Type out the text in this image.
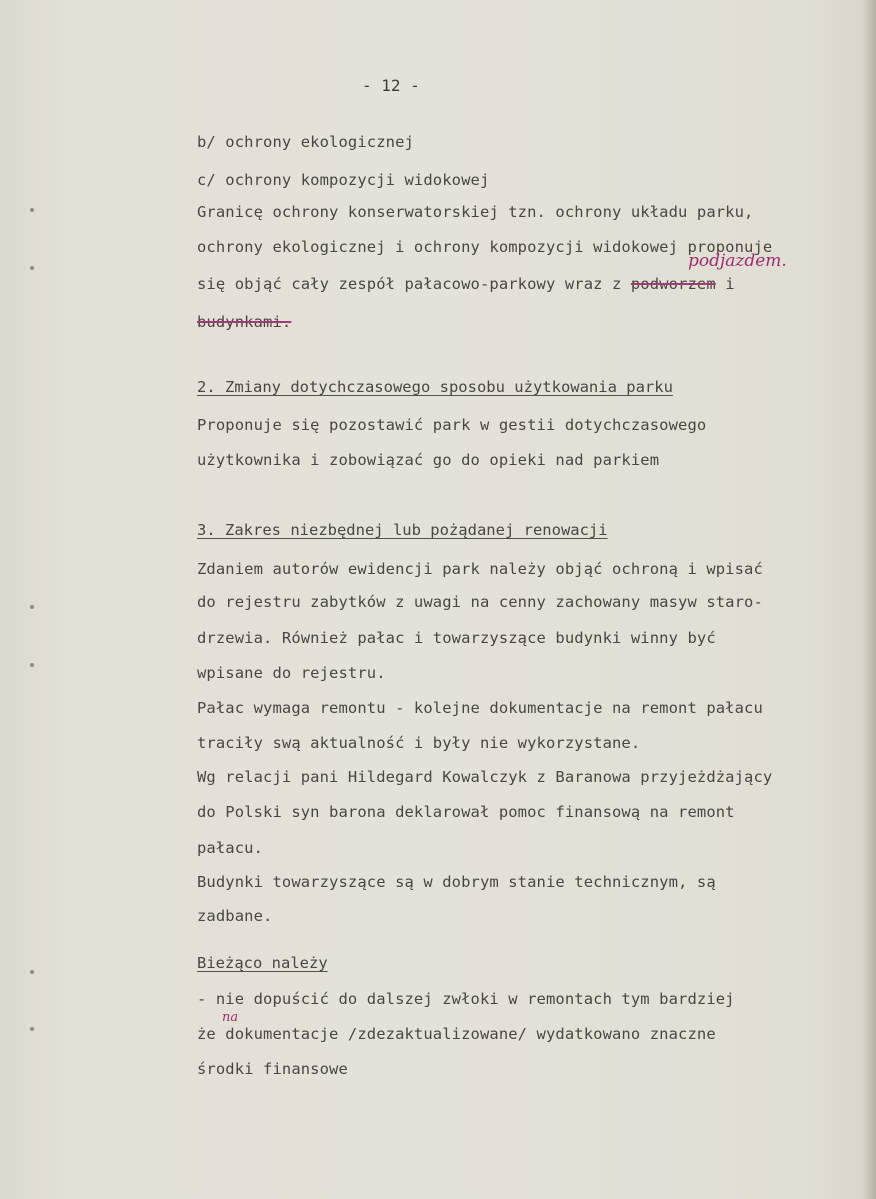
- 12 -
b/ ochrony ekologicznej
c/ ochrony kompozycji widokowej
Granicę ochrony konserwatorskiej tzn. ochrony układu parku,
ochrony ekologicznej i ochrony kompozycji widokowej proponuje
się objąć cały zespół pałacowo-parkowy wraz z podworzem i
podjazdem.
budynkami.
2. Zmiany dotychczasowego sposobu użytkowania parku
Proponuje się pozostawić park w gestii dotychczasowego
użytkownika i zobowiązać go do opieki nad parkiem
3. Zakres niezbędnej lub pożądanej renowacji
Zdaniem autorów ewidencji park należy objąć ochroną i wpisać
do rejestru zabytków z uwagi na cenny zachowany masyw staro-
drzewia. Również pałac i towarzyszące budynki winny być
wpisane do rejestru.
Pałac wymaga remontu - kolejne dokumentacje na remont pałacu
traciły swą aktualność i były nie wykorzystane.
Wg relacji pani Hildegard Kowalczyk z Baranowa przyjeżdżający
do Polski syn barona deklarował pomoc finansową na remont
pałacu.
Budynki towarzyszące są w dobrym stanie technicznym, są
zadbane.
Bieżąco należy
- nie dopuścić do dalszej zwłoki w remontach tym bardziej
że dokumentacje /zdezaktualizowane/ wydatkowano znaczne
na
środki finansowe
